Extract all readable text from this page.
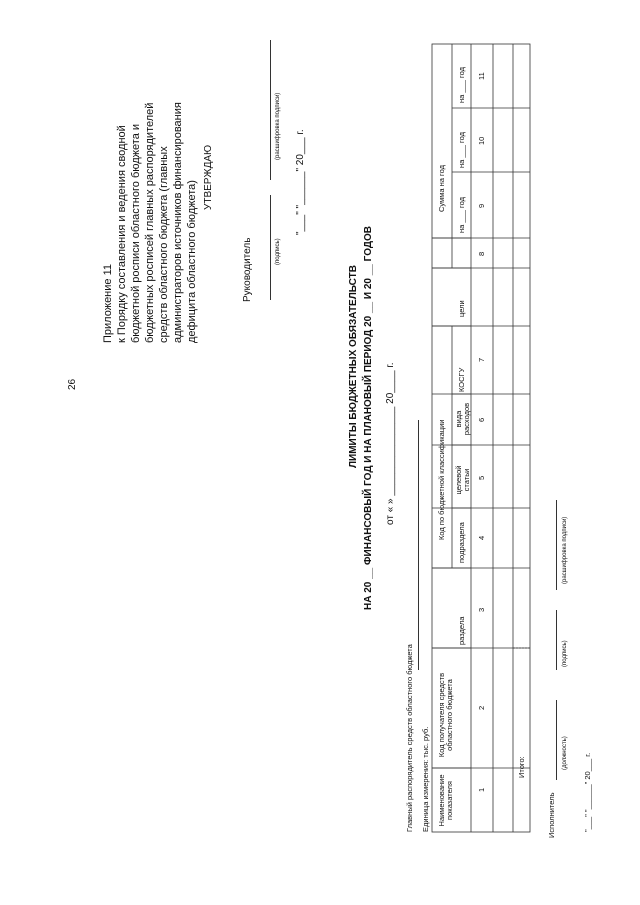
26
Приложение 11 к Порядку составления и ведения сводной бюджетной росписи областного бюджета и бюджетных росписей главных распорядителей средств областного бюджета (главных администраторов источников финансирования дефицита областного бюджета)
УТВЕРЖДАЮ
Руководитель	(подпись)
(расшифровка подписи)
"___" "______" 20___ г.
ЛИМИТЫ БЮДЖЕТНЫХ ОБЯЗАТЕЛЬСТВ НА 20 __ ФИНАНСОВЫЙ ГОД И НА ПЛАНОВЫЙ ПЕРИОД 20 __ И 20 __ ГОДОВ от « » ________________ 20____ г.
Главный распорядитель средств областного бюджета Единица измерения: тыс. руб. Наименование показателя
Код получателя средств областного бюджета
Код по бюджетной классификации
раздела
подраздела
целевой статьи
вида расходов
КОСГУ
цели
Сумма на год
на ___ год
на ___ год
на ___ год
1
2
3
4
5
6
7
8
9
10
11
Итого:
Исполнитель
(должность)
(подпись)
(расшифровка подписи)
"___" "______" 20___ г.
